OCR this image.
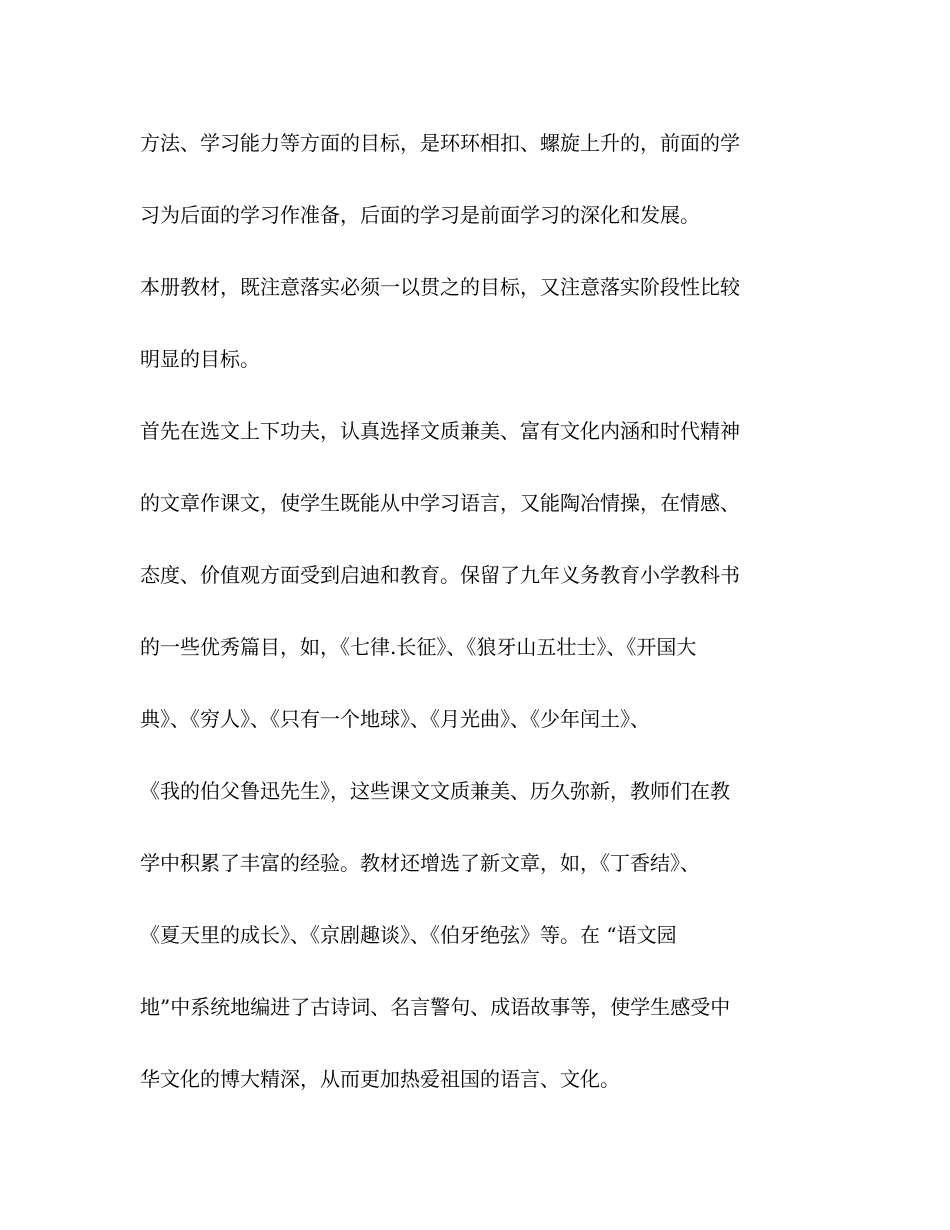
方法、学习能力等方面的目标，是环环相扣、螺旋上升的，前面的学
习为后面的学习作准备，后面的学习是前面学习的深化和发展。
本册教材，既注意落实必须一以贯之的目标，又注意落实阶段性比较
明显的目标。
首先在选文上下功夫，认真选择文质兼美、富有文化内涵和时代精神
的文章作课文，使学生既能从中学习语言，又能陶冶情操，在情感、
态度、价值观方面受到启迪和教育。保留了九年义务教育小学教科书
的一些优秀篇目，如，《七律.长征》、《狼牙山五壮士》、《开国大
典》、《穷人》、《只有一个地球》、《月光曲》、《少年闰土》、
《我的伯父鲁迅先生》，这些课文文质兼美、历久弥新，教师们在教
学中积累了丰富的经验。教材还增选了新文章，如，《丁香结》、
《夏天里的成长》、《京剧趣谈》、《伯牙绝弦》等。在 “语文园
地”中系统地编进了古诗词、名言警句、成语故事等，使学生感受中
华文化的博大精深，从而更加热爱祖国的语言、文化。
